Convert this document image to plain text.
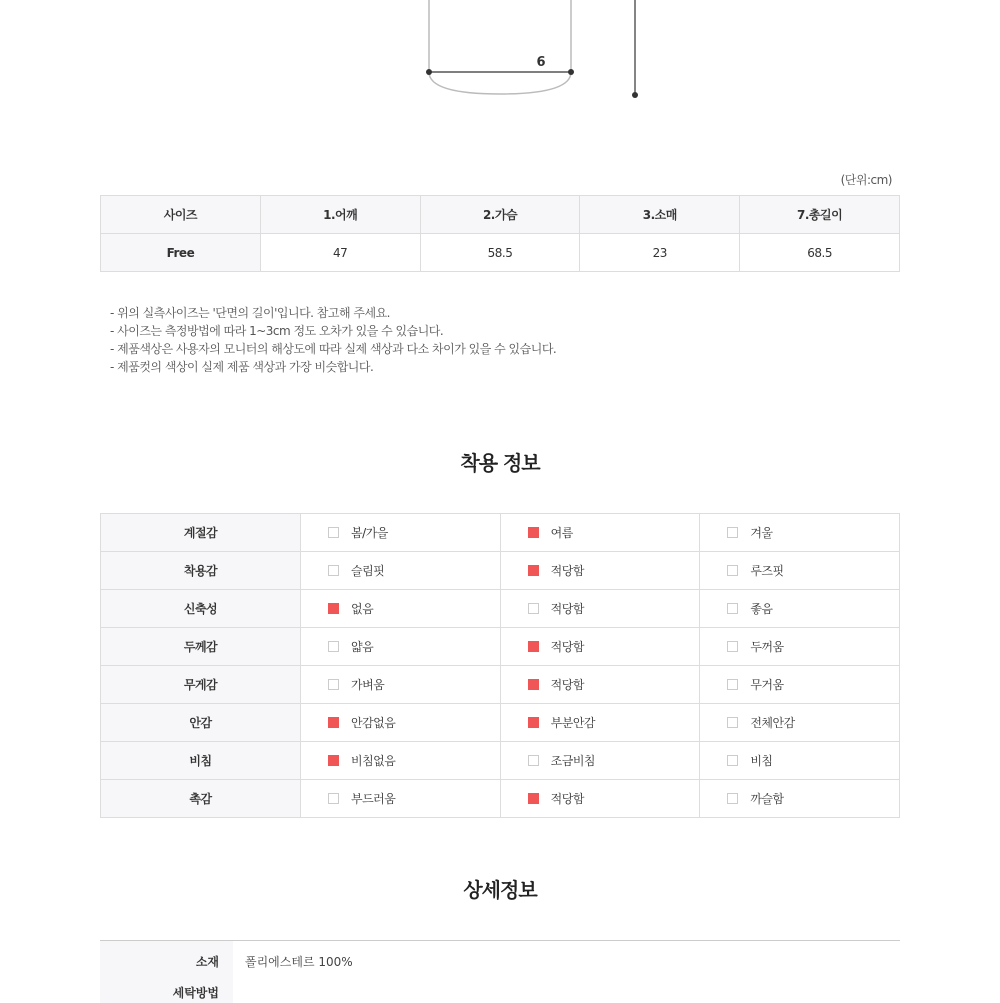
6
(단위:cm)
사이즈	1.어깨	2.가슴	3.소매	7.총길이
Free	47	58.5	23	68.5
- 위의 실측사이즈는 '단면의 길이'입니다. 참고해 주세요.
- 사이즈는 측정방법에 따라 1~3cm 정도 오차가 있을 수 있습니다.
- 제품색상은 사용자의 모니터의 해상도에 따라 실제 색상과 다소 차이가 있을 수 있습니다.
- 제품컷의 색상이 실제 제품 색상과 가장 비슷합니다.
착용 정보
계절감	봄/가을	여름	겨울

착용감	슬림핏	적당함	루즈핏

신축성	없음	적당함	좋음

두께감	얇음	적당함	두꺼움

무게감	가벼움	적당함	무거움

안감	안감없음	부분안감	전체안감

비침	비침없음	조금비침	비침

촉감	부드러움	적당함	까슬함
상세정보
소재	폴리에스테르 100%
세탁방법
